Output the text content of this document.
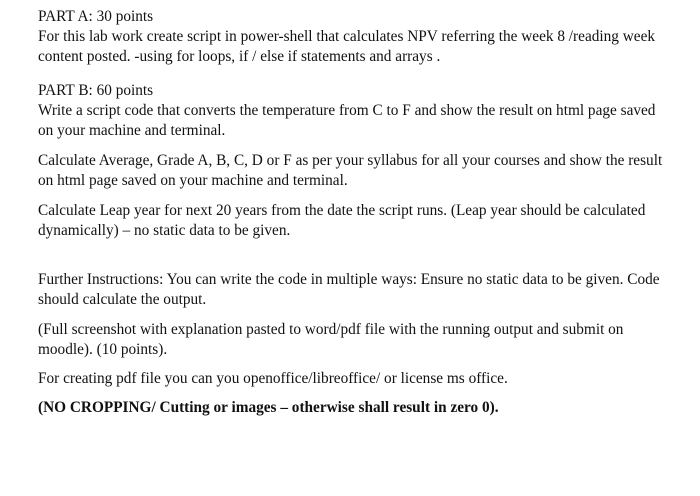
PART A: 30 points
For this lab work create script in power-shell that calculates NPV referring the week 8 /reading week
content posted. -using for loops, if / else if statements and arrays .
PART B: 60 points
Write a script code that converts the temperature from C to F and show the result on html page saved
on your machine and terminal.
Calculate Average, Grade A, B, C, D or F as per your syllabus for all your courses and show the result
on html page saved on your machine and terminal.
Calculate Leap year for next 20 years from the date the script runs. (Leap year should be calculated
dynamically) – no static data to be given.
Further Instructions: You can write the code in multiple ways: Ensure no static data to be given. Code
should calculate the output.
(Full screenshot with explanation pasted to word/pdf file with the running output and submit on
moodle). (10 points).
For creating pdf file you can you openoffice/libreoffice/ or license ms office.
(NO CROPPING/ Cutting or images – otherwise shall result in zero 0).
